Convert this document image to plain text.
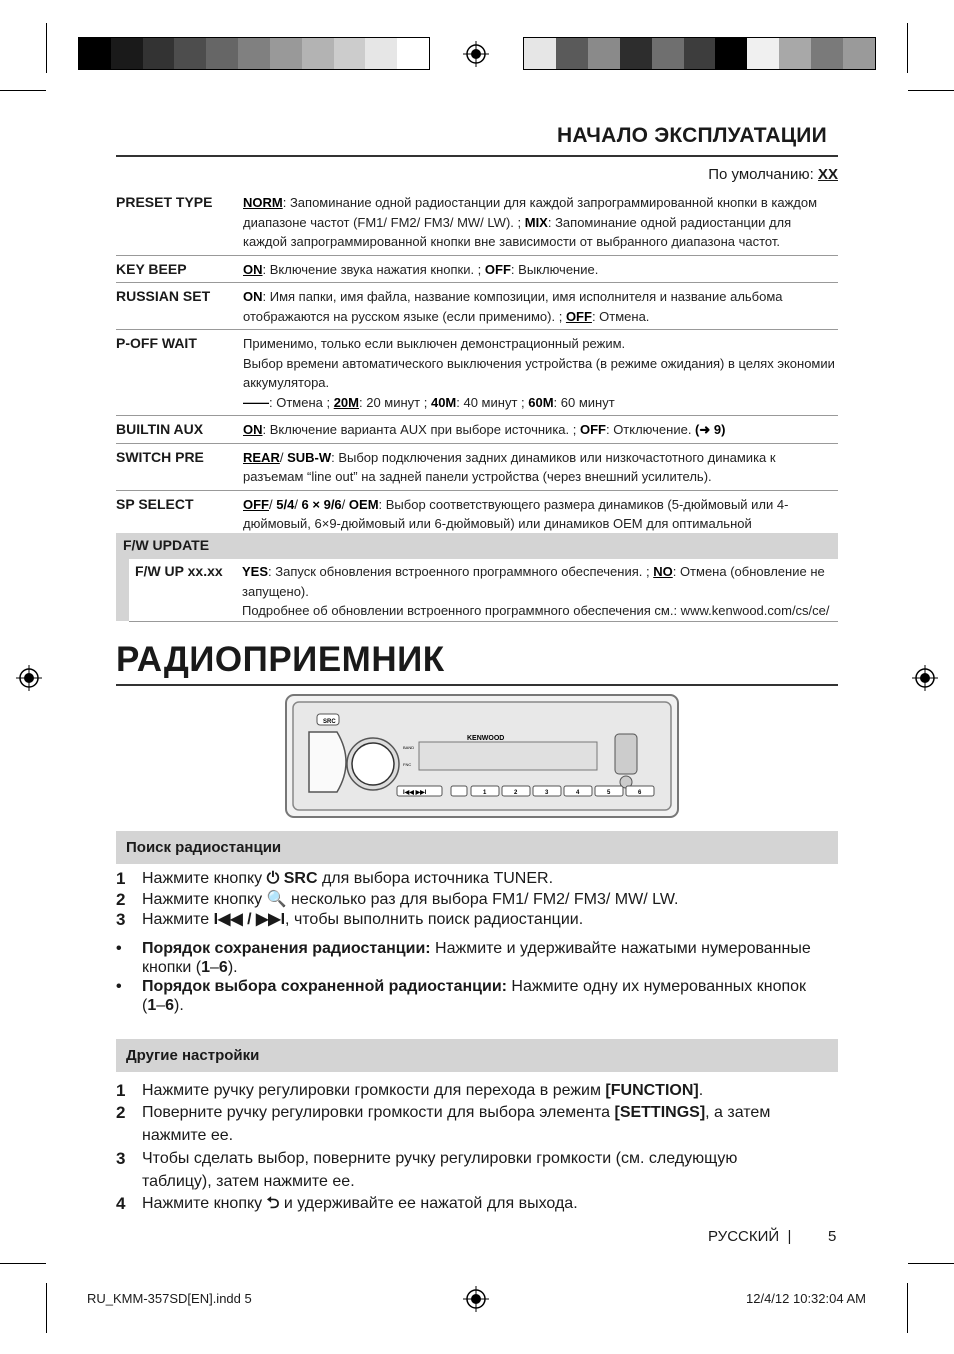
НАЧАЛО ЭКСПЛУАТАЦИИ
По умолчанию: XX
PRESET TYPE	NORM: Запоминание одной радиостанции для каждой запрограммированной кнопки в каждом диапазоне частот (FM1/ FM2/ FM3/ MW/ LW). ; MIX: Запоминание одной радиостанции для каждой запрограммированной кнопки вне зависимости от выбранного диапазона частот.
KEY BEEP	ON: Включение звука нажатия кнопки. ; OFF: Выключение.
RUSSIAN SET	ON: Имя папки, имя файла, название композиции, имя исполнителя и название альбома отображаются на русском языке (если применимо). ; OFF: Отмена.
P-OFF WAIT	Применимо, только если выключен демонстрационный режим.
Выбор времени автоматического выключения устройства (в режиме ожидания) в целях экономии аккумулятора.
——: Отмена ; 20M: 20 минут ; 40M: 40 минут ; 60M: 60 минут
BUILTIN AUX	ON: Включение варианта AUX при выборе источника. ; OFF: Отключение. (➜ 9)
SWITCH PRE	REAR/ SUB-W: Выбор подключения задних динамиков или низкочастотного динамика к разъемам “line out” на задней панели устройства (через внешний усилитель).
SP SELECT	OFF/ 5/4/ 6 × 9/6/ OEM: Выбор соответствующего размера динамиков (5-дюймовый или 4-дюймовый, 6×9-дюймовый или 6-дюймовый) или динамиков OEM для оптимальной
F/W UPDATE
F/W UP xx.xx YES: Запуск обновления встроенного программного обеспечения. ; NO: Отмена (обновление не запущено).
Подробнее об обновлении встроенного программного обеспечения см.: www.kenwood.com/cs/ce/
РАДИОПРИЕМНИК
SRC
BAND
FNC
KENWOOD
I◀◀ ▶▶I	1	2	3	4	5	6
Поиск радиостанции
1 Нажмите кнопку ⏻ SRC для выбора источника TUNER.
2 Нажмите кнопку 🔍 несколько раз для выбора FM1/ FM2/ FM3/ MW/ LW.
3 Нажмите I◀◀ / ▶▶I, чтобы выполнить поиск радиостанции.
• Порядок сохранения радиостанции: Нажмите и удерживайте нажатыми нумерованные кнопки (1–6).
• Порядок выбора сохраненной радиостанции: Нажмите одну их нумерованных кнопок (1–6).
Другие настройки
1 Нажмите ручку регулировки громкости для перехода в режим [FUNCTION].
2 Поверните ручку регулировки громкости для выбора элемента [SETTINGS], а затем нажмите ее.
3 Чтобы сделать выбор, поверните ручку регулировки громкости (см. следующую таблицу), затем нажмите ее.
4 Нажмите кнопку ⮌ и удерживайте ее нажатой для выхода.
РУССКИЙ | 5
RU_KMM-357SD[EN].indd 5	12/4/12 10:32:04 AM
